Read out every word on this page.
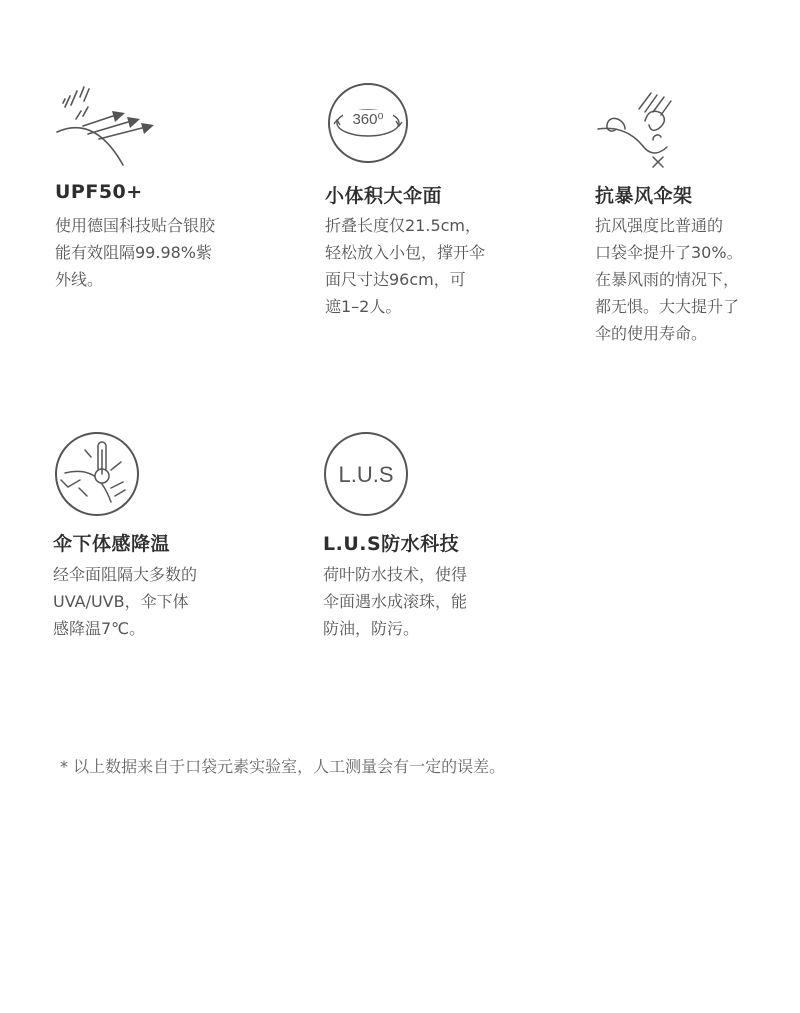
UPF50+
使用德国科技贴合银胶
能有效阻隔99.98%紫
外线。
360⁰
小体积大伞面
折叠长度仅21.5cm，
轻松放入小包，撑开伞
面尺寸达96cm，可
遮1–2人。
抗暴风伞架
抗风强度比普通的
口袋伞提升了30%。
在暴风雨的情况下，
都无惧。大大提升了
伞的使用寿命。
伞下体感降温
经伞面阻隔大多数的
UVA/UVB，伞下体
感降温7℃。
L.U.S
L.U.S防水科技
荷叶防水技术，使得
伞面遇水成滚珠，能
防油，防污。
* 以上数据来自于口袋元素实验室，人工测量会有一定的误差。
